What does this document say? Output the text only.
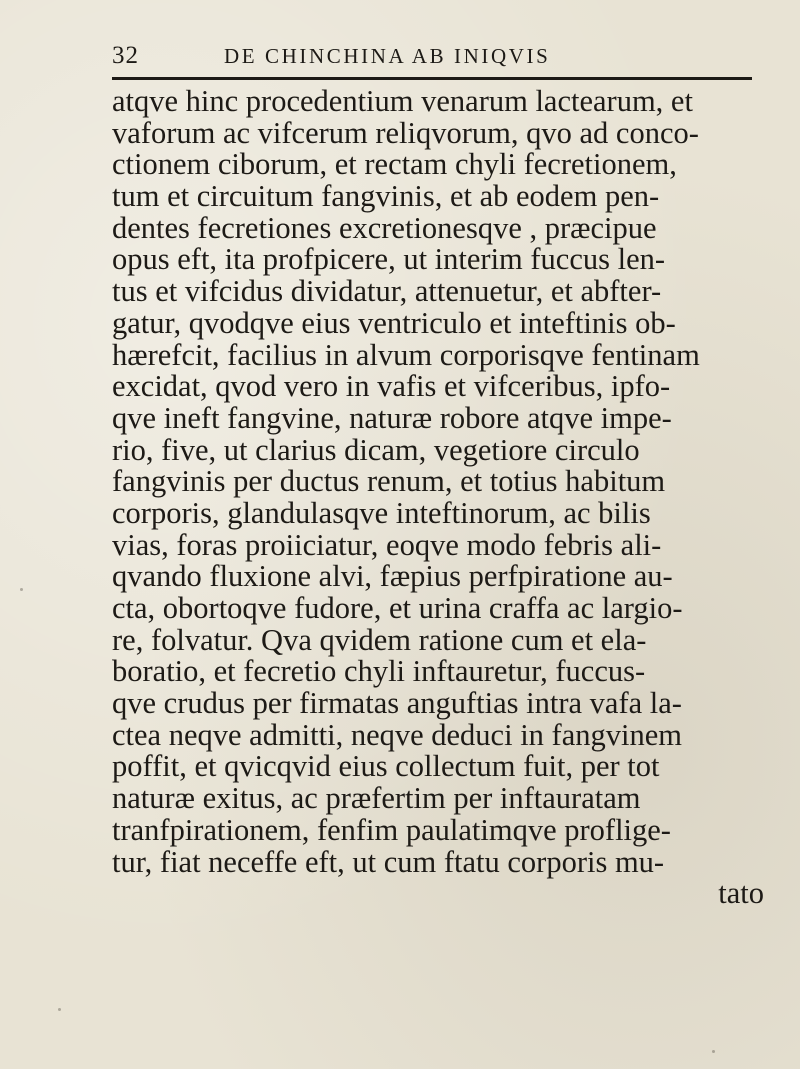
32	DE CHINCHINA AB INIQVIS
atqve hinc procedentium venarum lactearum, et
vaforum ac vifcerum reliqvorum, qvo ad conco-
ctionem ciborum, et rectam chyli fecretionem,
tum et circuitum fangvinis, et ab eodem pen-
dentes fecretiones excretionesqve , præcipue
opus eft, ita profpicere, ut interim fuccus len-
tus et vifcidus dividatur, attenuetur, et abfter-
gatur, qvodqve eius ventriculo et inteftinis ob-
hærefcit, facilius in alvum corporisqve fentinam
excidat, qvod vero in vafis et vifceribus, ipfo-
qve ineft fangvine, naturæ robore atqve impe-
rio, five, ut clarius dicam, vegetiore circulo
fangvinis per ductus renum, et totius habitum
corporis, glandulasqve inteftinorum, ac bilis
vias, foras proiiciatur, eoqve modo febris ali-
qvando fluxione alvi, fæpius perfpiratione au-
cta, obortoqve fudore, et urina craffa ac largio-
re, folvatur. Qva qvidem ratione cum et ela-
boratio, et fecretio chyli inftauretur, fuccus-
qve crudus per firmatas anguftias intra vafa la-
ctea neqve admitti, neqve deduci in fangvinem
poffit, et qvicqvid eius collectum fuit, per tot
naturæ exitus, ac præfertim per inftauratam
tranfpirationem, fenfim paulatimqve proflige-
tur, fiat neceffe eft, ut cum ftatu corporis mu-
tato
